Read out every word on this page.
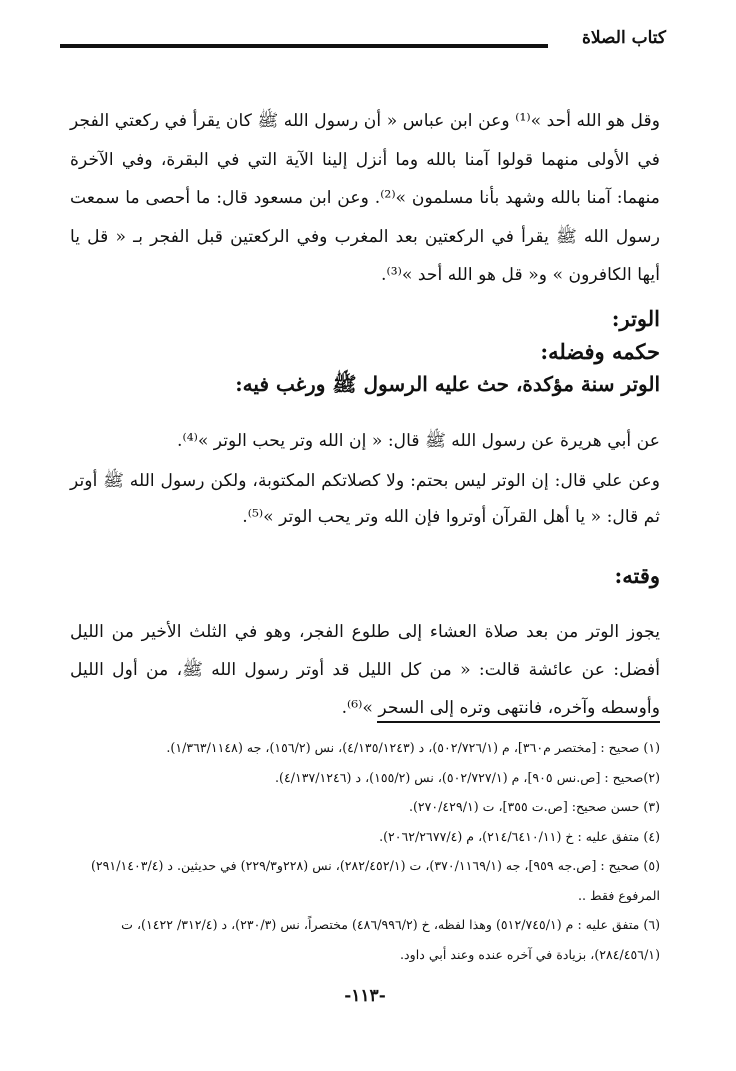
كتاب الصلاة

وقل هو الله أحد »⁽¹⁾ وعن ابن عباس « أن رسول الله ﷺ كان يقرأ في ركعتي الفجر في الأولى منهما قولوا آمنا بالله وما أنزل إلينا الآية التي في البقرة، وفي الآخرة منهما: آمنا بالله وشهد بأنا مسلمون »⁽²⁾. وعن ابن مسعود قال: ما أحصى ما سمعت رسول الله ﷺ يقرأ في الركعتين بعد المغرب وفي الركعتين قبل الفجر بـ « قل يا أيها الكافرون » و« قل هو الله أحد »⁽³⁾.

الوتر:
حكمه وفضله:
الوتر سنة مؤكدة، حث عليه الرسول ﷺ ورغب فيه:

عن أبي هريرة عن رسول الله ﷺ قال: « إن الله وتر يحب الوتر »⁽⁴⁾.

وعن علي قال: إن الوتر ليس بحتم: ولا كصلاتكم المكتوبة، ولكن رسول الله ﷺ أوتر ثم قال: « يا أهل القرآن أوتروا فإن الله وتر يحب الوتر »⁽⁵⁾.

وقته:

يجوز الوتر من بعد صلاة العشاء إلى طلوع الفجر، وهو في الثلث الأخير من الليل أفضل: عن عائشة قالت: « من كل الليل قد أوتر رسول الله ﷺ، من أول الليل وأوسطه وآخره، فانتهى وتره إلى السحر »⁽⁶⁾.

(١) صحيح : [مختصر م٣٦٠]، م (٥٠٢/٧٢٦/١)، د (٤/١٣٥/١٢٤٣)، نس (١٥٦/٢)، جه (١/٣٦٣/١١٤٨).
(٢)صحيح : [ص.نس ٩٠٥]، م (٥٠٢/٧٢٧/١)، نس (١٥٥/٢)، د (٤/١٣٧/١٢٤٦).
(٣) حسن صحيح: [ص.ت ٣٥٥]، ت (٢٧٠/٤٢٩/١).
(٤) متفق عليه : خ (٢١٤/٦٤١٠/١١)، م (٢٠٦٢/٢٦٧٧/٤).
(٥) صحيح : [ص.جه ٩٥٩]، جه (٣٧٠/١١٦٩/١)، ت (٢٨٢/٤٥٢/١)، نس (٢٢٨و٢٢٩/٣) في حديثين. د (٢٩١/١٤٠٣/٤) المرفوع فقط ..
(٦) متفق عليه : م (٥١٢/٧٤٥/١) وهذا لفظه، خ (٤٨٦/٩٩٦/٢) مختصراً، نس (٢٣٠/٣)، د (٣١٢/٤/ ١٤٢٢)، ت (٢٨٤/٤٥٦/١)، بزيادة في آخره عنده وعند أبي داود.
-١١٣-
